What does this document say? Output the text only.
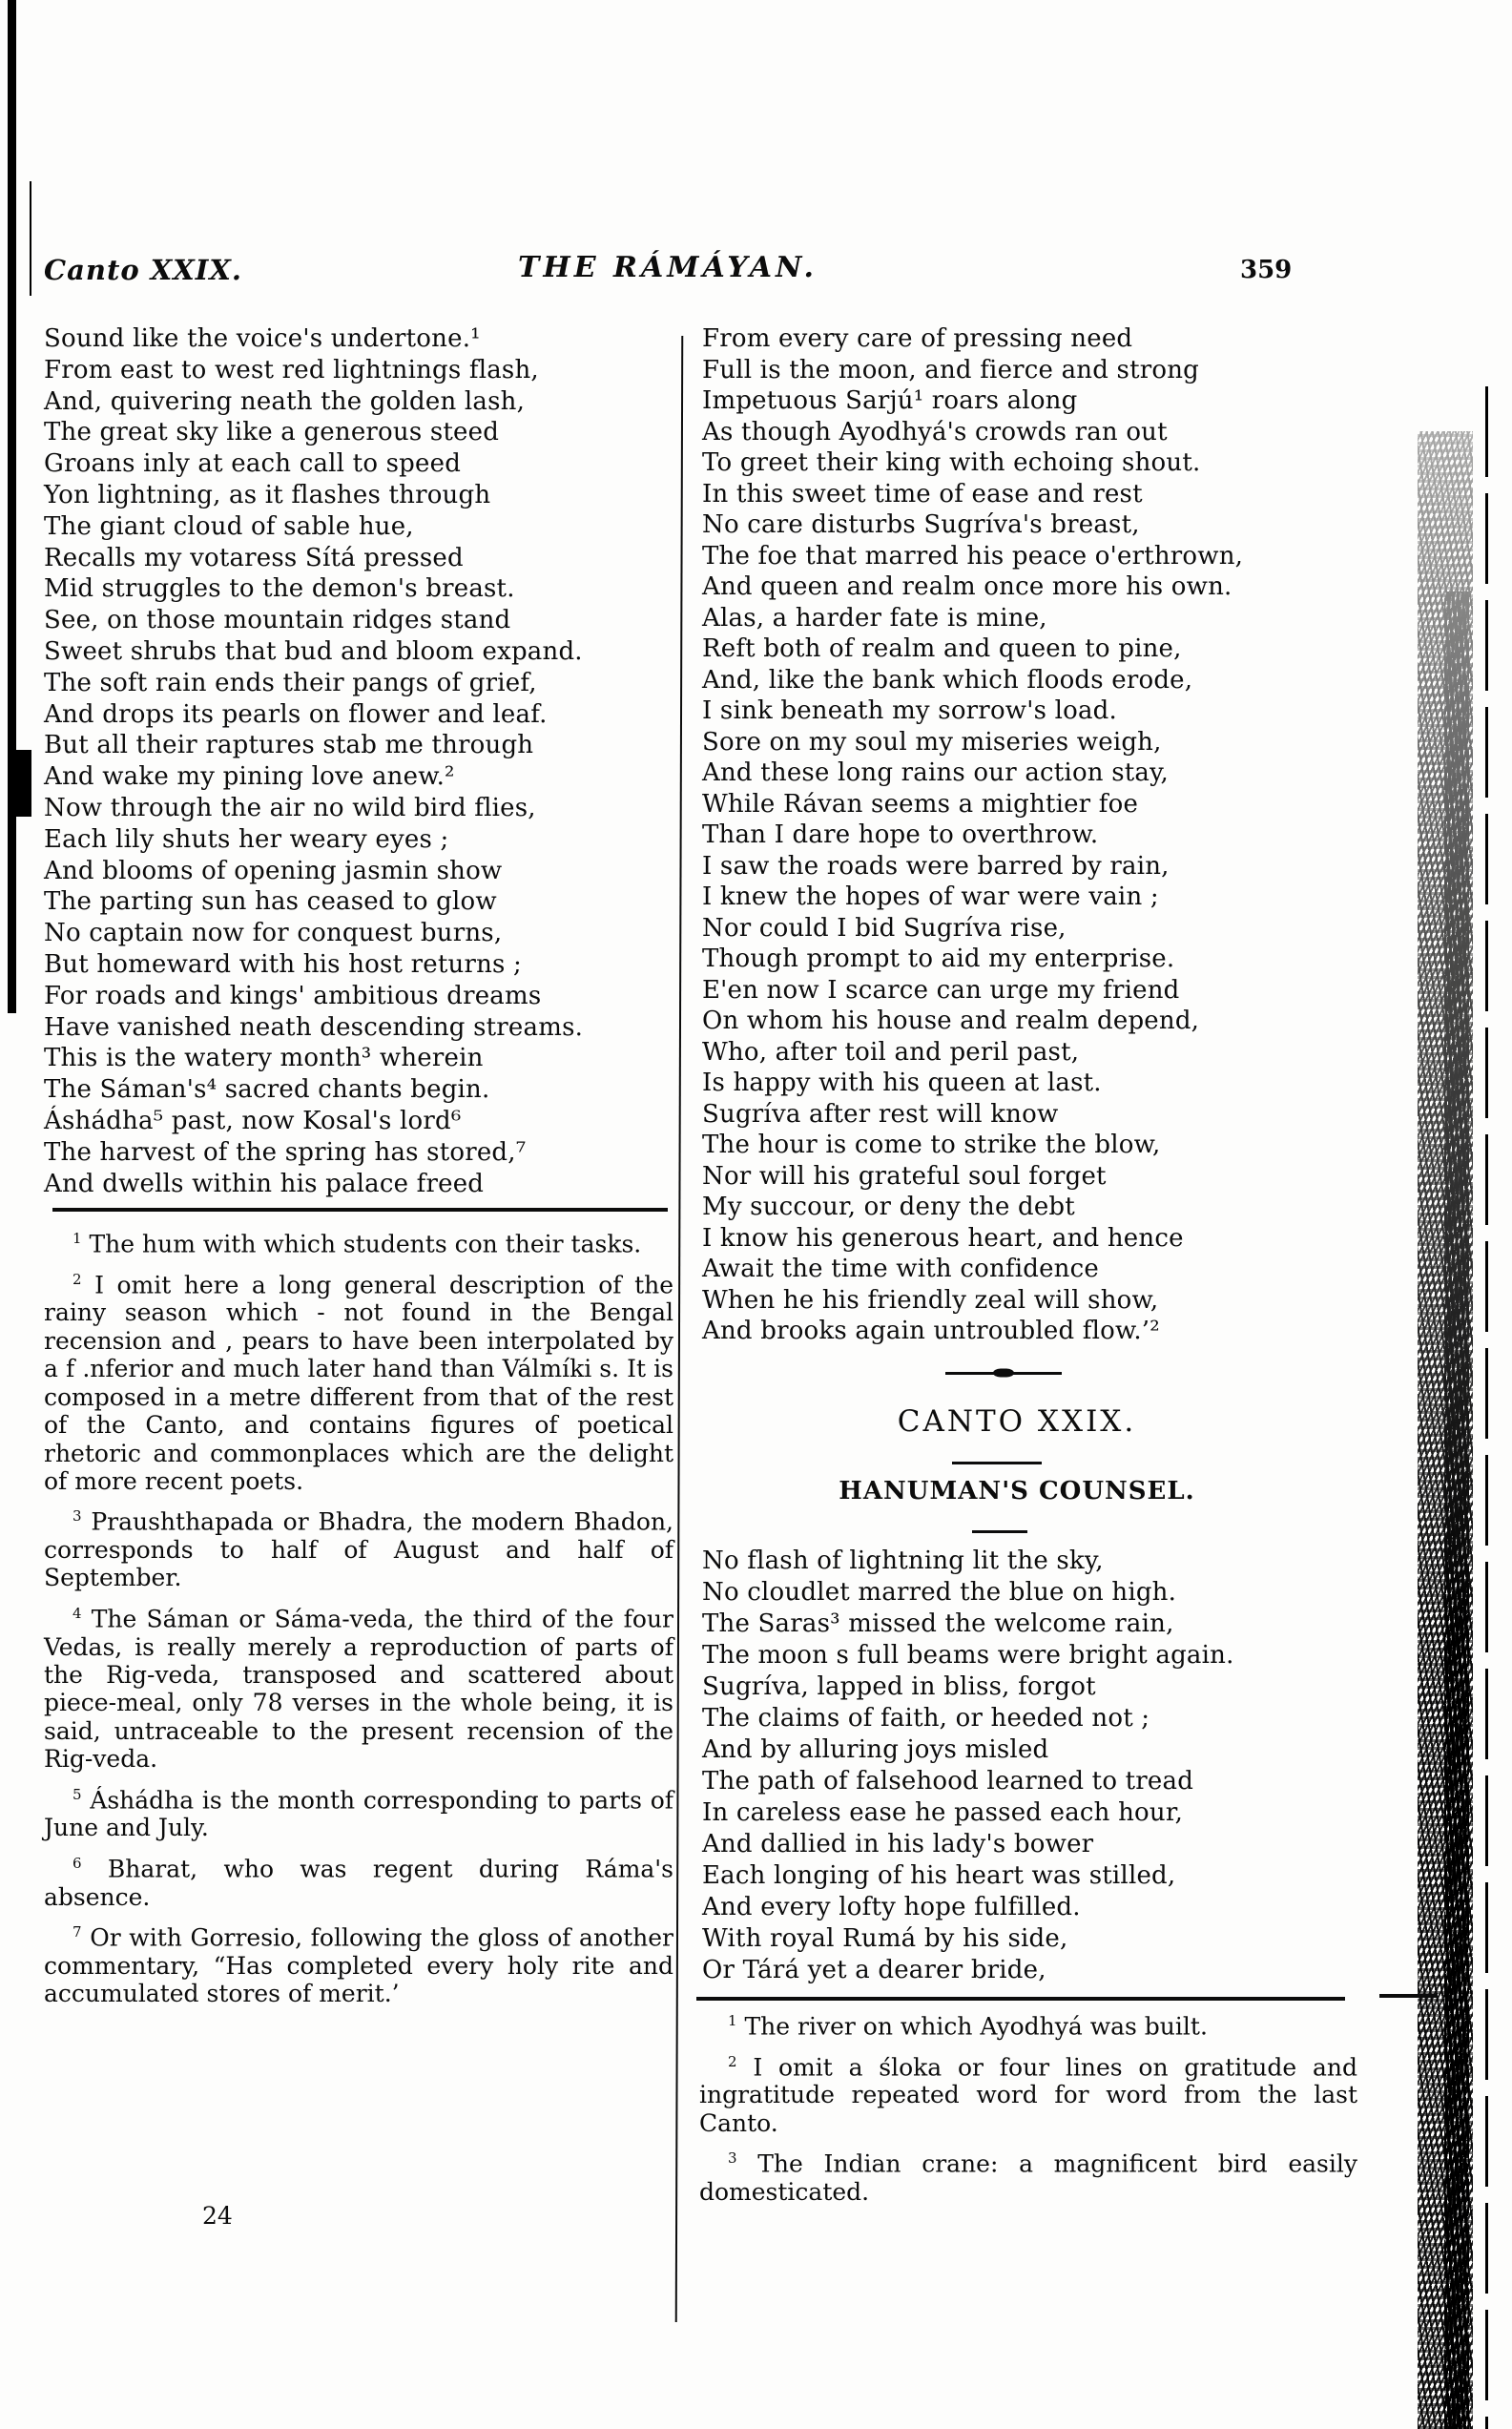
Canto XXIX.	THE RÁMÁYAN.	359
Sound like the voice's undertone.¹
From east to west red lightnings flash,
And, quivering neath the golden lash,
The great sky like a generous steed
Groans inly at each call to speed
Yon lightning, as it flashes through
The giant cloud of sable hue,
Recalls my votaress Sítá pressed
Mid struggles to the demon's breast.
See, on those mountain ridges stand
Sweet shrubs that bud and bloom expand.
The soft rain ends their pangs of grief,
And drops its pearls on flower and leaf.
But all their raptures stab me through
And wake my pining love anew.²
Now through the air no wild bird flies,
Each lily shuts her weary eyes ;
And blooms of opening jasmin show
The parting sun has ceased to glow
No captain now for conquest burns,
But homeward with his host returns ;
For roads and kings' ambitious dreams
Have vanished neath descending streams.
This is the watery month³ wherein
The Sáman's⁴ sacred chants begin.
Áshádha⁵ past, now Kosal's lord⁶
The harvest of the spring has stored,⁷
And dwells within his palace freed

$^1$ The hum with which students con their tasks.

$^2$ I omit here a long general description of the rainy season which - not found in the Bengal recension and , pears to have been interpolated by a f .nferior and much later hand than Válmíki s. It is composed in a metre different from that of the rest of the Canto, and contains figures of poetical rhetoric and commonplaces which are the delight of more recent poets.

$^3$ Praushthapada or Bhadra, the modern Bhadon, corresponds to half of August and half of September.

$^4$ The Sáman or Sáma-veda, the third of the four Vedas, is really merely a reproduction of parts of the Rig-veda, transposed and scattered about piece-meal, only 78 verses in the whole being, it is said, untraceable to the present recension of the Rig-veda.

$^5$ Áshádha is the month corresponding to parts of June and July.

$^6$ Bharat, who was regent during Ráma's absence.

$^7$ Or with Gorresio, following the gloss of another commentary, “Has completed every holy rite and accumulated stores of merit.’

24
From every care of pressing need
Full is the moon, and fierce and strong
Impetuous Sarjú¹ roars along
As though Ayodhyá's crowds ran out
To greet their king with echoing shout.
In this sweet time of ease and rest
No care disturbs Sugríva's breast,
The foe that marred his peace o'erthrown,
And queen and realm once more his own.
Alas, a harder fate is mine,
Reft both of realm and queen to pine,
And, like the bank which floods erode,
I sink beneath my sorrow's load.
Sore on my soul my miseries weigh,
And these long rains our action stay,
While Rávan seems a mightier foe
Than I dare hope to overthrow.
I saw the roads were barred by rain,
I knew the hopes of war were vain ;
Nor could I bid Sugríva rise,
Though prompt to aid my enterprise.
E'en now I scarce can urge my friend
On whom his house and realm depend,
Who, after toil and peril past,
Is happy with his queen at last.
Sugríva after rest will know
The hour is come to strike the blow,
Nor will his grateful soul forget
My succour, or deny the debt
I know his generous heart, and hence
Await the time with confidence
When he his friendly zeal will show,
And brooks again untroubled flow.’²
CANTO XXIX.
HANUMAN'S COUNSEL.
No flash of lightning lit the sky,
No cloudlet marred the blue on high.
The Saras³ missed the welcome rain,
The moon s full beams were bright again.
Sugríva, lapped in bliss, forgot
The claims of faith, or heeded not ;
And by alluring joys misled
The path of falsehood learned to tread
In careless ease he passed each hour,
And dallied in his lady's bower
Each longing of his heart was stilled,
And every lofty hope fulfilled.
With royal Rumá by his side,
Or Tárá yet a dearer bride,

$^1$ The river on which Ayodhyá was built.

$^2$ I omit a śloka or four lines on gratitude and ingratitude repeated word for word from the last Canto.

$^3$ The Indian crane: a magnificent bird easily domesticated.
